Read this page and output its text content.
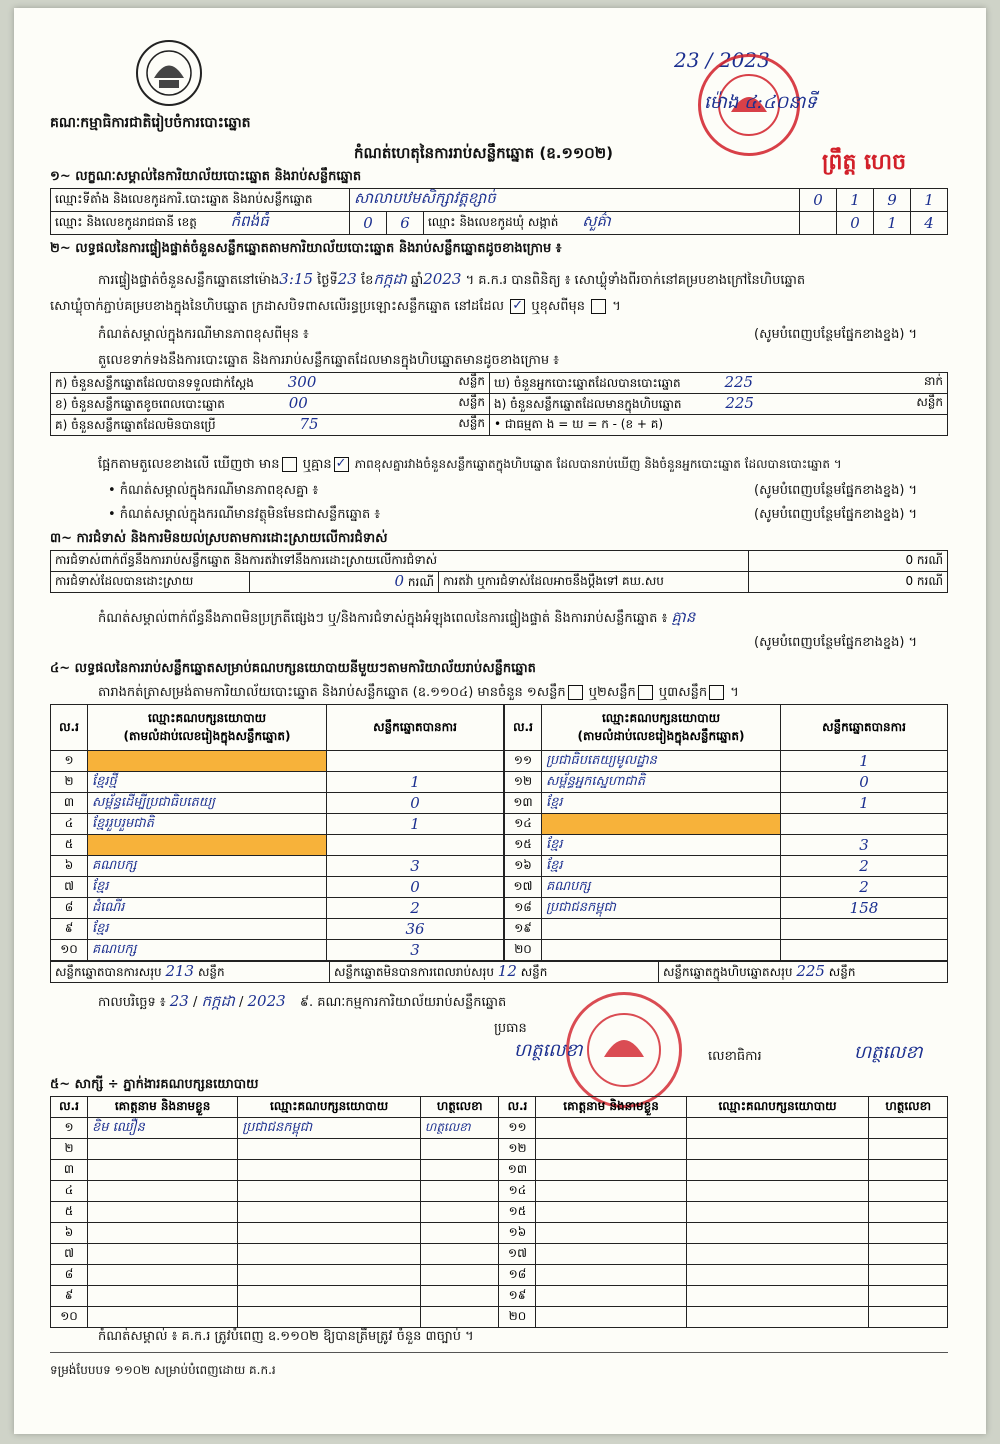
គណៈកម្មាធិការជាតិរៀបចំការបោះឆ្នោត
23 / 2023
ម៉ោង ៤:៤០នាទី
ព្រឹត្ត ហេច
កំណត់ហេតុនៃការរាប់សន្លឹកឆ្នោត (ឧ.១១០២)
១~ លក្ខណៈសម្គាល់នៃការិយាល័យបោះឆ្នោត និងរាប់សន្លឹកឆ្នោត
ឈ្មោះទីតាំង និងលេខកូដការិ.បោះឆ្នោត និងរាប់សន្លឹកឆ្នោត	សាលាបឋមសិក្សាវត្តខ្សាច់			0	1	9	1
ឈ្មោះ និងលេខកូដរាជធានី ខេត្ត កំពង់ធំ	0	6	ឈ្មោះ និងលេខកូដឃុំ សង្កាត់ សួគ៌ា		0	1	4
២~ លទ្ធផលនៃការផ្ទៀងផ្ទាត់ចំនួនសន្លឹកឆ្នោតតាមការិយាល័យបោះឆ្នោត និងរាប់សន្លឹកឆ្នោតដូចខាងក្រោម ៖
ការផ្ទៀងផ្ទាត់ចំនួនសន្លឹកឆ្នោតនៅម៉ោង3:15 ថ្ងៃទី23 ខែកក្កដា ឆ្នាំ2023 ។ គ.ក.រ បានពិនិត្យ ៖ សោឃ្លុំទាំងពីរចាក់នៅគម្របខាងក្រៅនៃហិបឆ្នោត
សោឃ្លុំចាក់ភ្ជាប់គម្របខាងក្នុងនៃហិបឆ្នោត ក្រដាសបិទពាសលើរន្ធប្រឡោះសន្លឹកឆ្នោត នៅដដែល ✓ ឬខុសពីមុន  ។
កំណត់សម្គាល់ក្នុងករណីមានភាពខុសពីមុន ៖	(សូមបំពេញបន្ថែមផ្នែកខាងខ្នង) ។
តួលេខទាក់ទងនឹងការបោះឆ្នោត និងការរាប់សន្លឹកឆ្នោតដែលមានក្នុងហិបឆ្នោតមានដូចខាងក្រោម ៖
ក) ចំនួនសន្លឹកឆ្នោតដែលបានទទួលជាក់ស្តែង 300 សន្លឹក	ឃ) ចំនួនអ្នកបោះឆ្នោតដែលបានបោះឆ្នោត 225 នាក់

ខ) ចំនួនសន្លឹកឆ្នោតខូចពេលបោះឆ្នោត 00 សន្លឹក	ង) ចំនួនសន្លឹកឆ្នោតដែលមានក្នុងហិបឆ្នោត 225 សន្លឹក

គ) ចំនួនសន្លឹកឆ្នោតដែលមិនបានប្រើ 75 សន្លឹក	• ជាធម្មតា ង = ឃ = ក - (ខ + គ)
ផ្អែកតាមតួលេខខាងលើ ឃើញថា មាន ឬគ្មាន ✓ ភាពខុសគ្នារវាងចំនួនសន្លឹកឆ្នោតក្នុងហិបឆ្នោត ដែលបានរាប់ឃើញ និងចំនួនអ្នកបោះឆ្នោត ដែលបានបោះឆ្នោត ។
• កំណត់សម្គាល់ក្នុងករណីមានភាពខុសគ្នា ៖	(សូមបំពេញបន្ថែមផ្នែកខាងខ្នង) ។
• កំណត់សម្គាល់ក្នុងករណីមានវត្ថុមិនមែនជាសន្លឹកឆ្នោត ៖	(សូមបំពេញបន្ថែមផ្នែកខាងខ្នង) ។
៣~ ការជំទាស់ និងការមិនយល់ស្របតាមការដោះស្រាយលើការជំទាស់
ការជំទាស់ពាក់ព័ន្ធនឹងការរាប់សន្លឹកឆ្នោត និងការតវ៉ាទៅនឹងការដោះស្រាយលើការជំទាស់			0 ករណី
ការជំទាស់ដែលបានដោះស្រាយ	0 ករណី	ការតវ៉ា ឬការជំទាស់ដែលអាចនឹងប្តឹងទៅ គឃ.សប	0 ករណី
កំណត់សម្គាល់ពាក់ព័ន្ធនឹងភាពមិនប្រក្រតីផ្សេងៗ ឬ/និងការជំទាស់ក្នុងអំឡុងពេលនៃការផ្ទៀងផ្ទាត់ និងការរាប់សន្លឹកឆ្នោត ៖ គ្មាន
(សូមបំពេញបន្ថែមផ្នែកខាងខ្នង) ។
៤~ លទ្ធផលនៃការរាប់សន្លឹកឆ្នោតសម្រាប់គណបក្សនយោបាយនីមួយៗតាមការិយាល័យរាប់សន្លឹកឆ្នោត
តារាងកត់ត្រាសម្រង់តាមការិយាល័យបោះឆ្នោត និងរាប់សន្លឹកឆ្នោត (ឧ.១១០៤) មានចំនួន ១សន្លឹក ឬ២សន្លឹក ឬ៣សន្លឹក ។
ល.រ	ឈ្មោះគណបក្សនយោបាយ
(តាមលំដាប់លេខរៀងក្នុងសន្លឹកឆ្នោត)	សន្លឹកឆ្នោតបានការ
១		
២	ខ្មែរថ្មី	1
៣	សម្ព័ន្ធដើម្បីប្រជាធិបតេយ្យ	0
៤	ខ្មែររួបរួមជាតិ	1
៥		
៦	គណបក្ស	3
៧	ខ្មែរ	0
៨	ដំណើរ	2
៩	ខ្មែរ	36
១០	គណបក្ស	3
ល.រ	ឈ្មោះគណបក្សនយោបាយ
(តាមលំដាប់លេខរៀងក្នុងសន្លឹកឆ្នោត)	សន្លឹកឆ្នោតបានការ
១១	ប្រជាធិបតេយ្យមូលដ្ឋាន	1
១២	សម្ព័ន្ធអ្នកស្នេហាជាតិ	0
១៣	ខ្មែរ	1
១៤		
១៥	ខ្មែរ	3
១៦	ខ្មែរ	2
១៧	គណបក្ស	2
១៨	ប្រជាជនកម្ពុជា	158
១៩		
២០		
សន្លឹកឆ្នោតបានការសរុប 213 សន្លឹក	សន្លឹកឆ្នោតមិនបានការពេលរាប់សរុប 12 សន្លឹក	សន្លឹកឆ្នោតក្នុងហិបឆ្នោតសរុប 225 សន្លឹក
កាលបរិច្ឆេទ ៖ 23 / កក្កដា / 2023 ៩. គណៈកម្មការការិយាល័យរាប់សន្លឹកឆ្នោត
ប្រធាន
ហត្ថលេខា	លេខាធិការ	ហត្ថលេខា
៥~ សាក្សី ÷ ភ្នាក់ងារគណបក្សនយោបាយ
ល.រ	គោត្តនាម និងនាមខ្លួន	ឈ្មោះគណបក្សនយោបាយ	ហត្ថលេខា	ល.រ	គោត្តនាម និងនាមខ្លួន	ឈ្មោះគណបក្សនយោបាយ	ហត្ថលេខា
១	ខិម ឈឿន	ប្រជាជនកម្ពុជា	ហត្ថលេខា	១១			
២				១២			
៣				១៣			
៤				១៤			
៥				១៥			
៦				១៦			
៧				១៧			
៨				១៨			
៩				១៩			
១០				២០			
កំណត់សម្គាល់ ៖ គ.ក.រ ត្រូវបំពេញ ឧ.១១០២ ឱ្យបានត្រឹមត្រូវ ចំនួន ៣ច្បាប់ ។
ទម្រង់បែបបទ ១១០២ សម្រាប់បំពេញដោយ គ.ក.រ
